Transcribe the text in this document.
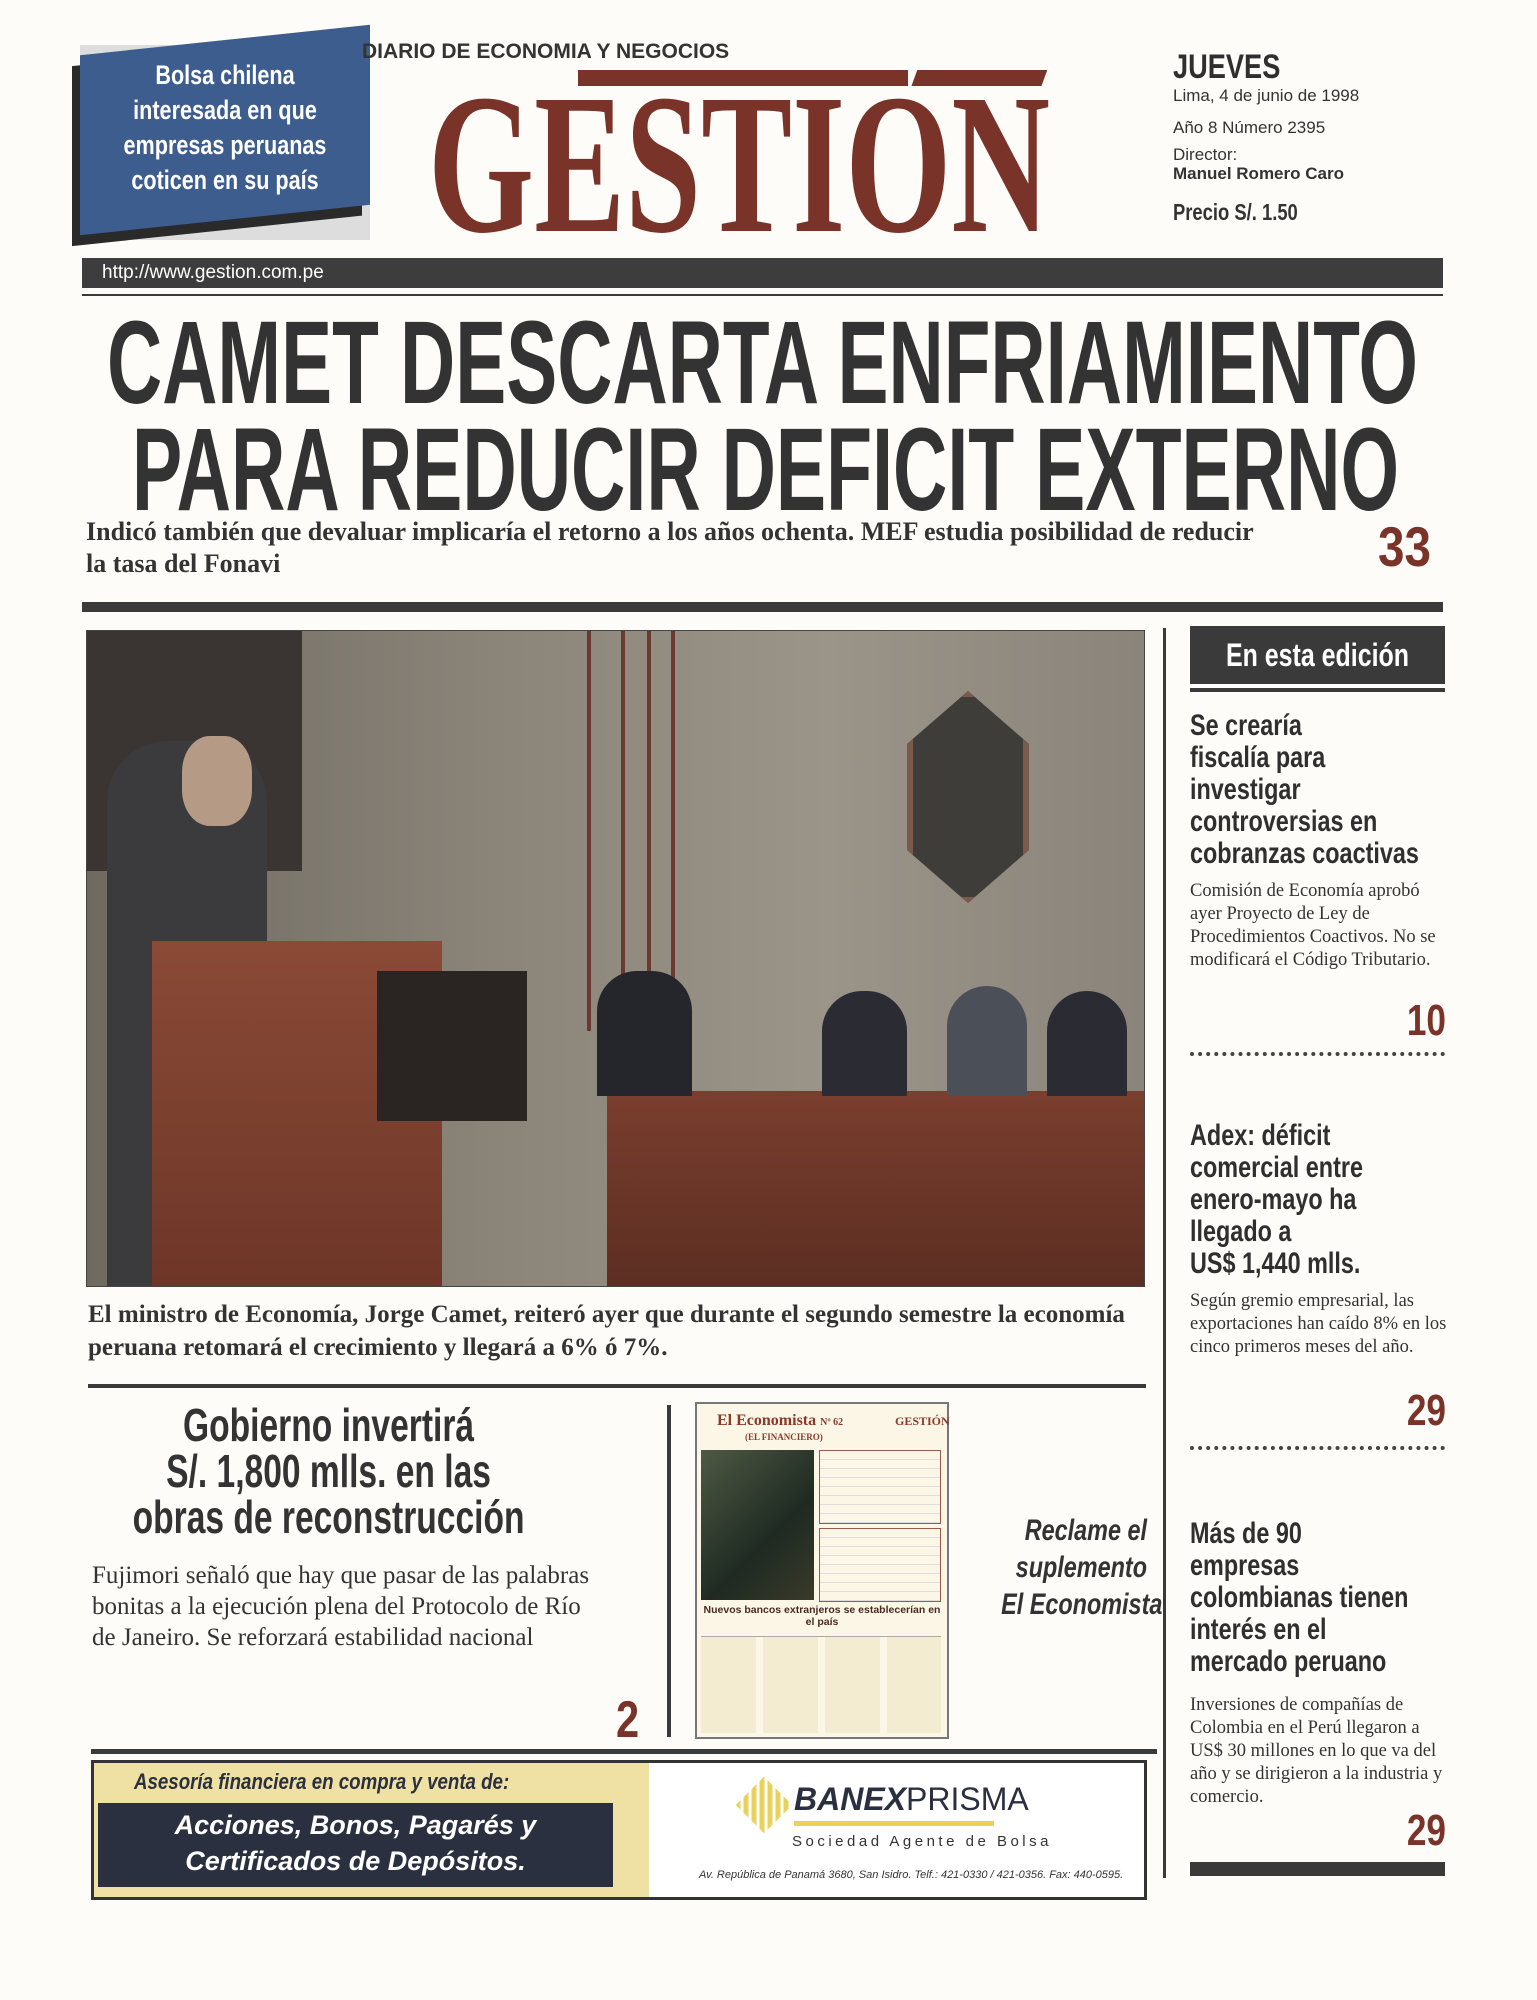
Bolsa chilena
interesada en que
empresas peruanas
coticen en su país
DIARIO DE ECONOMIA Y NEGOCIOS
GESTION	JUEVES
Lima, 4 de junio de 1998
Año 8 Número 2395
Director:
Manuel Romero Caro
Precio S/. 1.50
http://www.gestion.com.pe
CAMET DESCARTA ENFRIAMIENTO
PARA REDUCIR DEFICIT EXTERNO
Indicó también que devaluar implicaría el retorno a los años ochenta. MEF estudia posibilidad de reducir la tasa del Fonavi	33
El ministro de Economía, Jorge Camet, reiteró ayer que durante el segundo semestre la economía peruana retomará el crecimiento y llegará a 6% ó 7%.
Gobierno invertirá
S/. 1,800 mlls. en las
obras de reconstrucción
Fujimori señaló que hay que pasar de las palabras bonitas a la ejecución plena del Protocolo de Río de Janeiro. Se reforzará estabilidad nacional
2
El Economista Nº 62
(EL FINANCIERO)
GESTIÓN
Nuevos bancos extranjeros se establecerían en el país
Reclame el
suplemento
El Economista
Asesoría financiera en compra y venta de:
Acciones, Bonos, Pagarés y
Certificados de Depósitos.
BANEXPRISMA
Sociedad Agente de Bolsa
Av. República de Panamá 3680, San Isidro. Telf.: 421-0330 / 421-0356. Fax: 440-0595.
En esta edición
Se crearía
fiscalía para
investigar
controversias en
cobranzas coactivas
Comisión de Economía aprobó ayer Proyecto de Ley de Procedimientos Coactivos. No se modificará el Código Tributario.
10
Adex: déficit
comercial entre
enero-mayo ha
llegado a
US$ 1,440 mlls.
Según gremio empresarial, las exportaciones han caído 8% en los cinco primeros meses del año.
29
Más de 90
empresas
colombianas tienen
interés en el
mercado peruano
Inversiones de compañías de Colombia en el Perú llegaron a US$ 30 millones en lo que va del año y se dirigieron a la industria y comercio.
29
